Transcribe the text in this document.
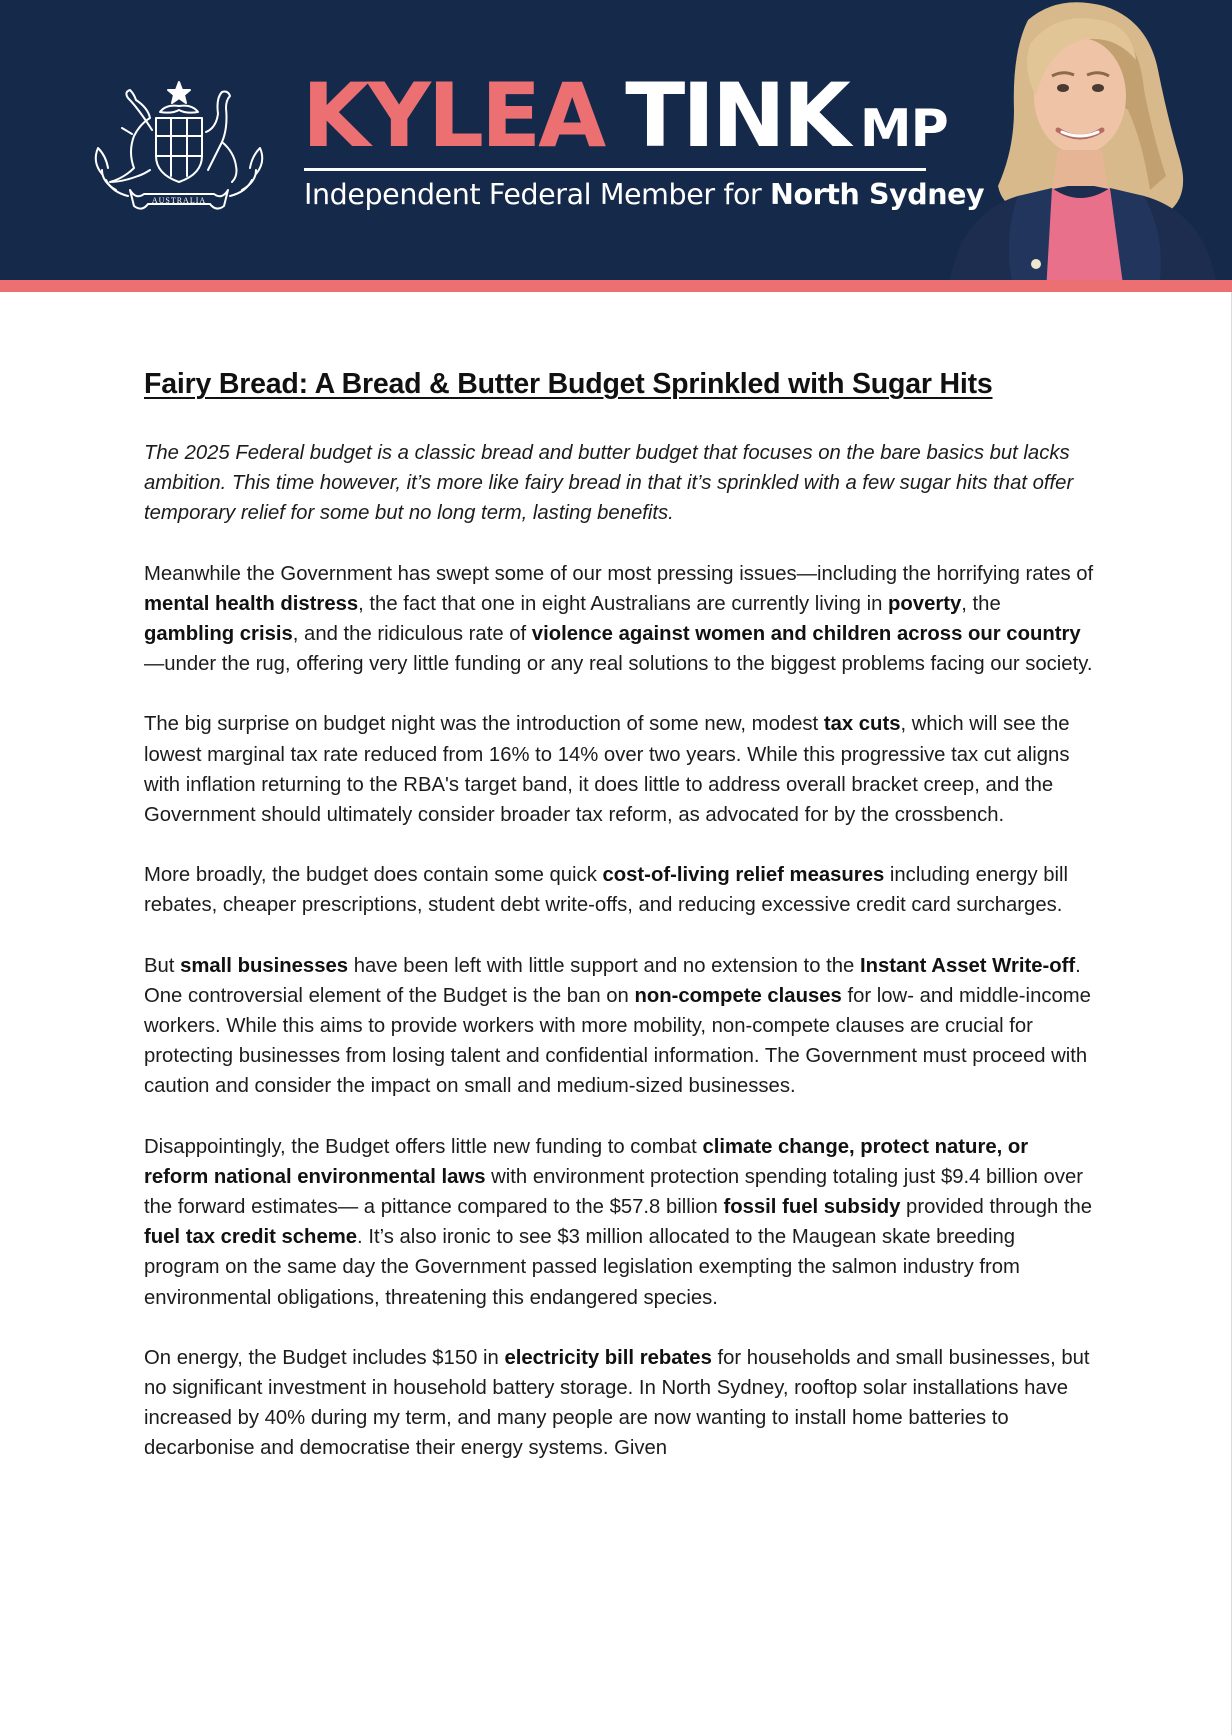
AUSTRALIA
KYLEA TINK MP
Independent Federal Member for North Sydney
Fairy Bread: A Bread & Butter Budget Sprinkled with Sugar Hits

The 2025 Federal budget is a classic bread and butter budget that focuses on the bare basics but lacks ambition. This time however, it’s more like fairy bread in that it’s sprinkled with a few sugar hits that offer temporary relief for some but no long term, lasting benefits.

Meanwhile the Government has swept some of our most pressing issues—including the horrifying rates of mental health distress, the fact that one in eight Australians are currently living in poverty, the gambling crisis, and the ridiculous rate of violence against women and children across our country—under the rug, offering very little funding or any real solutions to the biggest problems facing our society.

The big surprise on budget night was the introduction of some new, modest tax cuts, which will see the lowest marginal tax rate reduced from 16% to 14% over two years. While this progressive tax cut aligns with inflation returning to the RBA's target band, it does little to address overall bracket creep, and the Government should ultimately consider broader tax reform, as advocated for by the crossbench.

More broadly, the budget does contain some quick cost-of-living relief measures including energy bill rebates, cheaper prescriptions, student debt write-offs, and reducing excessive credit card surcharges.

But small businesses have been left with little support and no extension to the Instant Asset Write-off. One controversial element of the Budget is the ban on non-compete clauses for low- and middle-income workers. While this aims to provide workers with more mobility, non-compete clauses are crucial for protecting businesses from losing talent and confidential information. The Government must proceed with caution and consider the impact on small and medium-sized businesses.

Disappointingly, the Budget offers little new funding to combat climate change, protect nature, or reform national environmental laws with environment protection spending totaling just $9.4 billion over the forward estimates— a pittance compared to the $57.8 billion fossil fuel subsidy provided through the fuel tax credit scheme. It’s also ironic to see $3 million allocated to the Maugean skate breeding program on the same day the Government passed legislation exempting the salmon industry from environmental obligations, threatening this endangered species.

On energy, the Budget includes $150 in electricity bill rebates for households and small businesses, but no significant investment in household battery storage. In North Sydney, rooftop solar installations have increased by 40% during my term, and many people are now wanting to install home batteries to decarbonise and democratise their energy systems. Given
